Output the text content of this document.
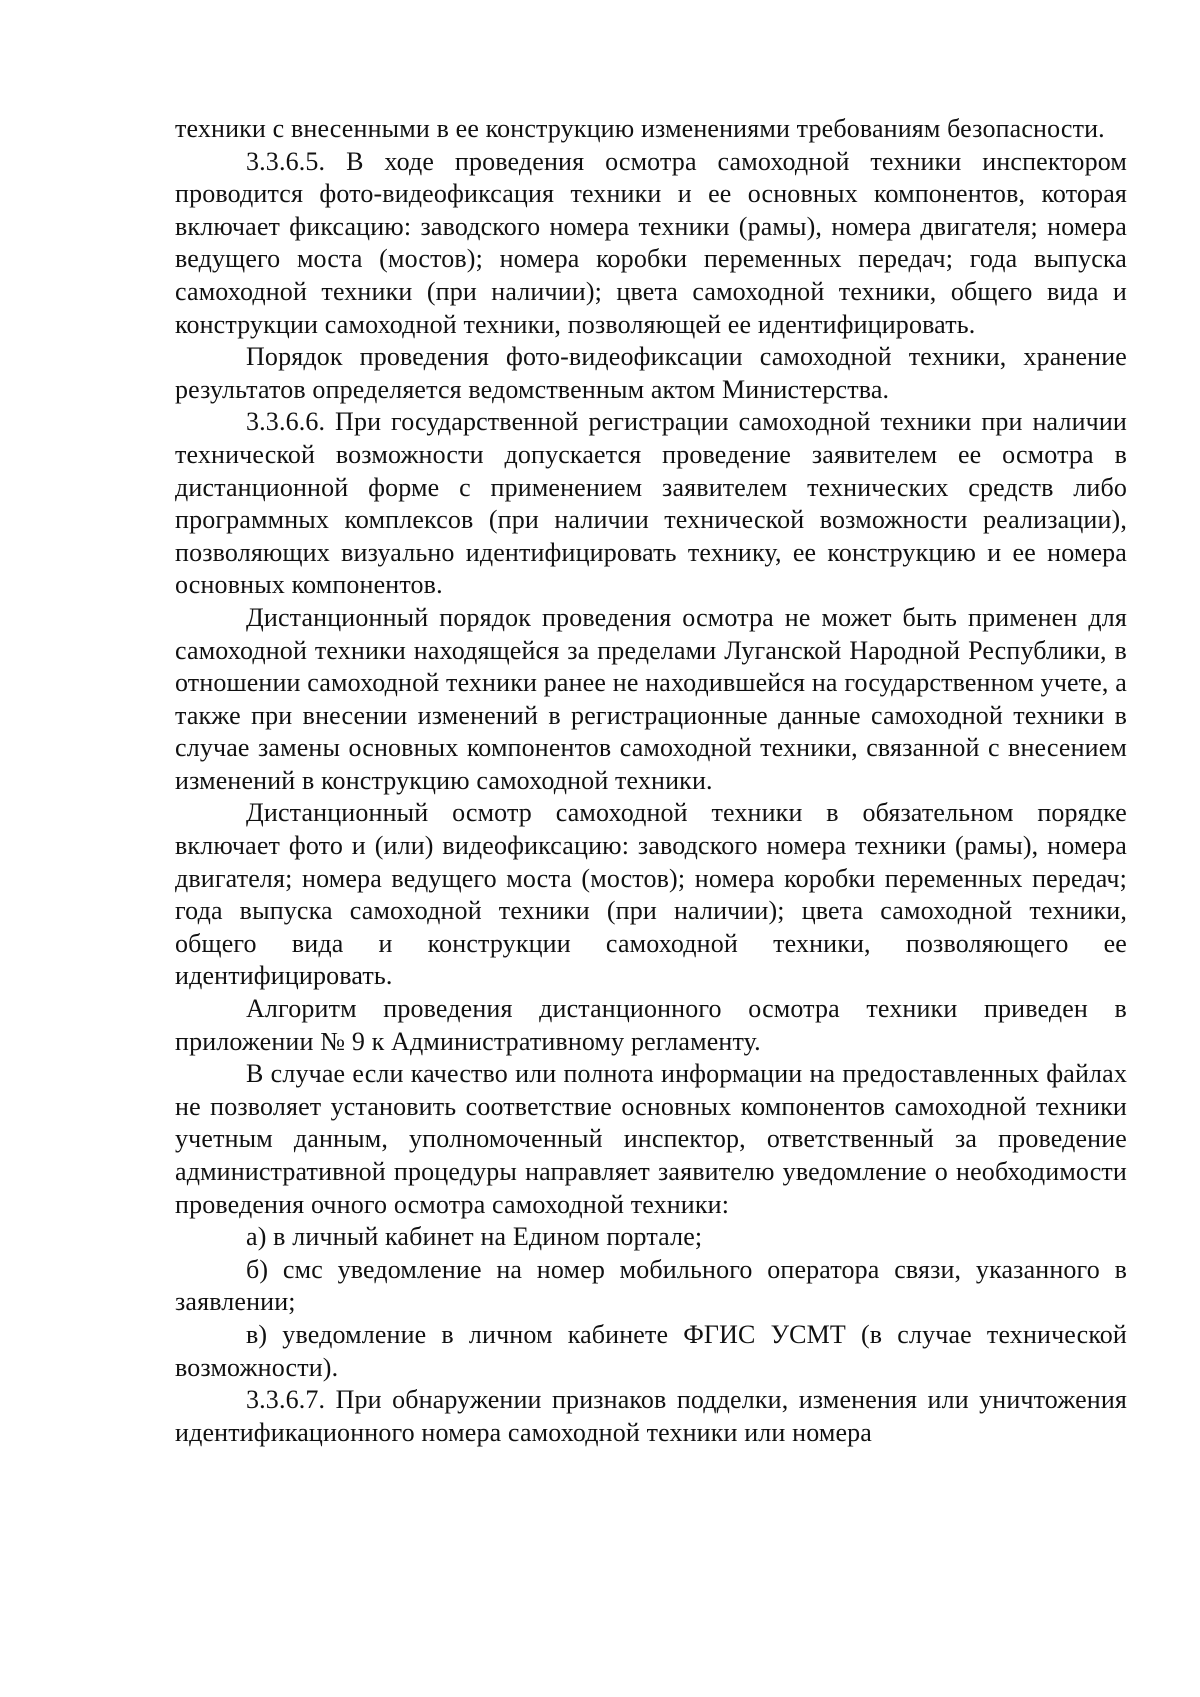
техники с внесенными в ее конструкцию изменениями требованиям безопасности.

3.3.6.5. В ходе проведения осмотра самоходной техники инспектором проводится фото-видеофиксация техники и ее основных компонентов, которая включает фиксацию: заводского номера техники (рамы), номера двигателя; номера ведущего моста (мостов); номера коробки переменных передач; года выпуска самоходной техники (при наличии); цвета самоходной техники, общего вида и конструкции самоходной техники, позволяющей ее идентифицировать.

Порядок проведения фото-видеофиксации самоходной техники, хранение результатов определяется ведомственным актом Министерства.

3.3.6.6. При государственной регистрации самоходной техники при наличии технической возможности допускается проведение заявителем ее осмотра в дистанционной форме с применением заявителем технических средств либо программных комплексов (при наличии технической возможности реализации), позволяющих визуально идентифицировать технику, ее конструкцию и ее номера основных компонентов.

Дистанционный порядок проведения осмотра не может быть применен для самоходной техники находящейся за пределами Луганской Народной Республики, в отношении самоходной техники ранее не находившейся на государственном учете, а также при внесении изменений в регистрационные данные самоходной техники в случае замены основных компонентов самоходной техники, связанной с внесением изменений в конструкцию самоходной техники.

Дистанционный осмотр самоходной техники в обязательном порядке включает фото и (или) видеофиксацию: заводского номера техники (рамы), номера двигателя; номера ведущего моста (мостов); номера коробки переменных передач; года выпуска самоходной техники (при наличии); цвета самоходной техники, общего вида и конструкции самоходной техники, позволяющего ее идентифицировать.

Алгоритм проведения дистанционного осмотра техники приведен в приложении № 9 к Административному регламенту.

В случае если качество или полнота информации на предоставленных файлах не позволяет установить соответствие основных компонентов самоходной техники учетным данным, уполномоченный инспектор, ответственный за проведение административной процедуры направляет заявителю уведомление о необходимости проведения очного осмотра самоходной техники:

а) в личный кабинет на Едином портале;

б) смс уведомление на номер мобильного оператора связи, указанного в заявлении;

в) уведомление в личном кабинете ФГИС УСМТ (в случае технической возможности).

3.3.6.7. При обнаружении признаков подделки, изменения или уничтожения идентификационного номера самоходной техники или номера
